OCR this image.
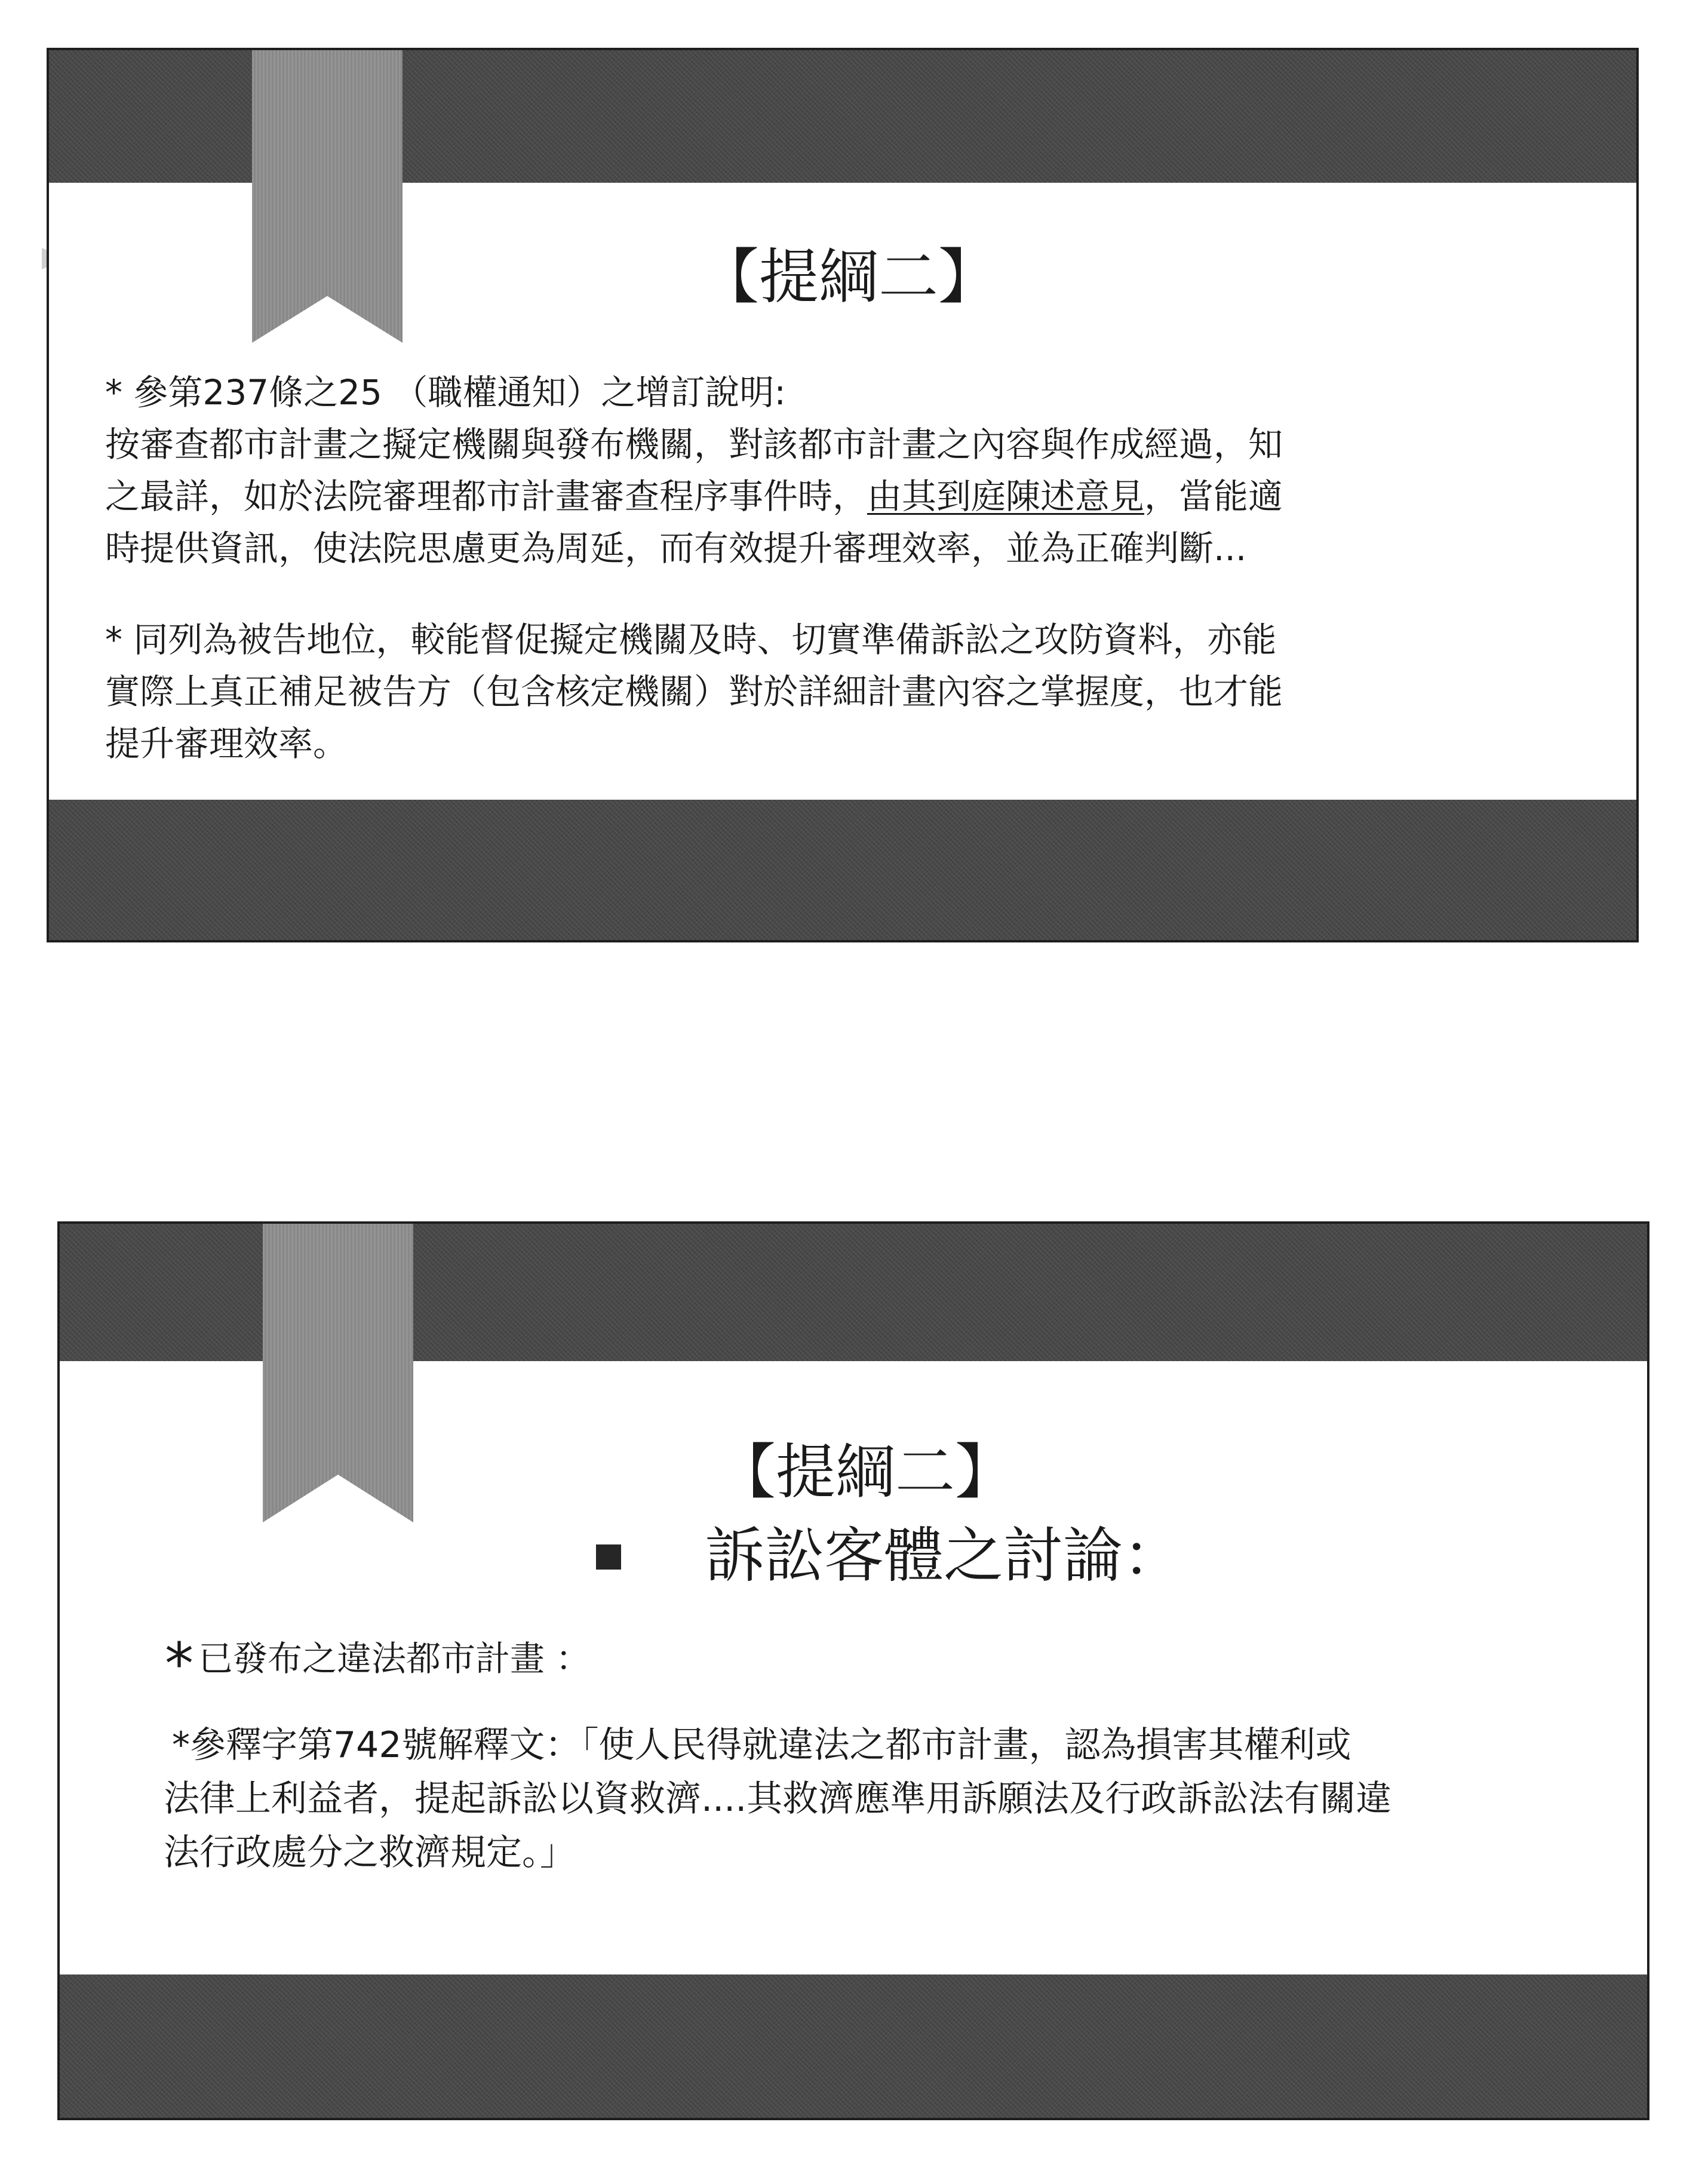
【提綱二】
* 參第237條之25 （職權通知）之增訂說明:
按審查都市計畫之擬定機關與發布機關，對該都市計畫之內容與作成經過，知
之最詳，如於法院審理都市計畫審查程序事件時，由其到庭陳述意見，當能適
時提供資訊，使法院思慮更為周延，而有效提升審理效率，並為正確判斷...
* 同列為被告地位，較能督促擬定機關及時、切實準備訴訟之攻防資料，亦能
實際上真正補足被告方（包含核定機關）對於詳細計畫內容之掌握度，也才能
提升審理效率。
【提綱二】
訴訟客體之討論：
* 已發布之違法都市計畫 ：
*參釋字第742號解釋文：「使人民得就違法之都市計畫，認為損害其權利或
法律上利益者，提起訴訟以資救濟....其救濟應準用訴願法及行政訴訟法有關違
法行政處分之救濟規定。」
